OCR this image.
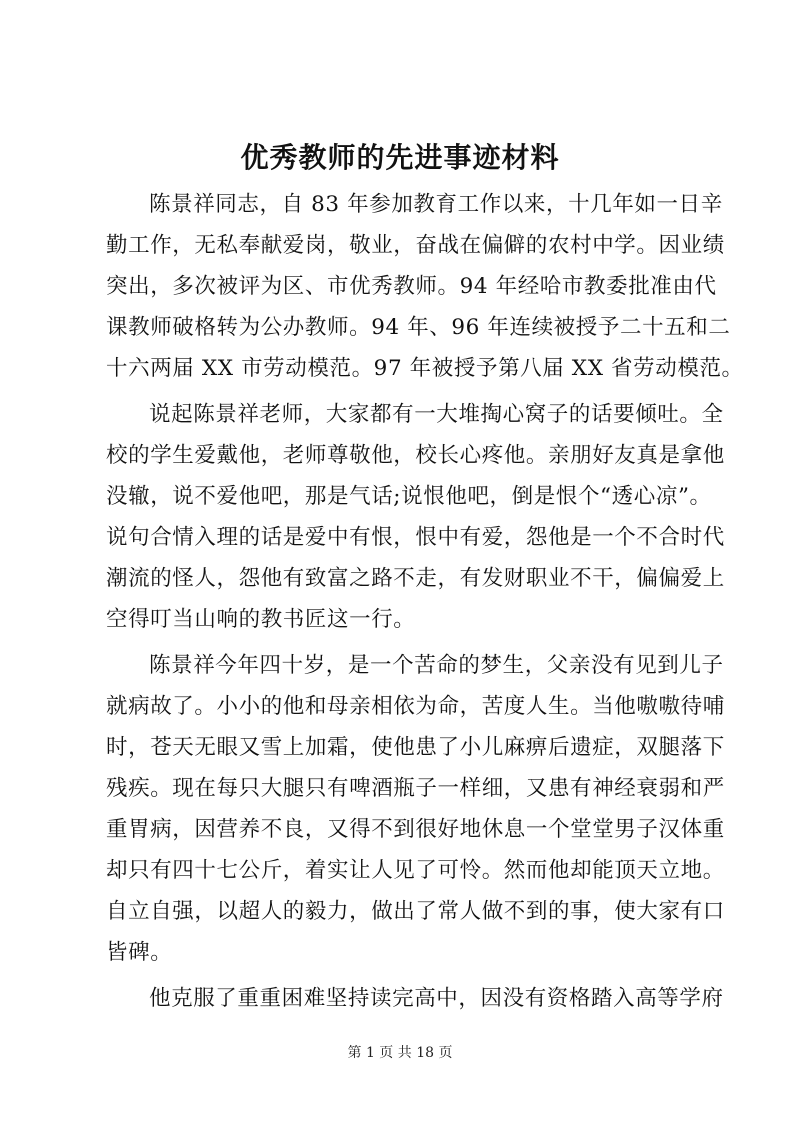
优秀教师的先进事迹材料
陈景祥同志，自 83 年参加教育工作以来，十几年如一日辛
勤工作，无私奉献爱岗，敬业，奋战在偏僻的农村中学。因业绩
突出，多次被评为区、市优秀教师。94 年经哈市教委批准由代
课教师破格转为公办教师。94 年、96 年连续被授予二十五和二
十六两届 XX 市劳动模范。97 年被授予第八届 XX 省劳动模范。
说起陈景祥老师，大家都有一大堆掏心窝子的话要倾吐。全
校的学生爱戴他，老师尊敬他，校长心疼他。亲朋好友真是拿他
没辙，说不爱他吧，那是气话;说恨他吧，倒是恨个“透心凉”。
说句合情入理的话是爱中有恨，恨中有爱，怨他是一个不合时代
潮流的怪人，怨他有致富之路不走，有发财职业不干，偏偏爱上
空得叮当山响的教书匠这一行。
陈景祥今年四十岁，是一个苦命的梦生，父亲没有见到儿子
就病故了。小小的他和母亲相依为命，苦度人生。当他嗷嗷待哺
时，苍天无眼又雪上加霜，使他患了小儿麻痹后遗症，双腿落下
残疾。现在每只大腿只有啤酒瓶子一样细，又患有神经衰弱和严
重胃病，因营养不良，又得不到很好地休息一个堂堂男子汉体重
却只有四十七公斤，着实让人见了可怜。然而他却能顶天立地。
自立自强，以超人的毅力，做出了常人做不到的事，使大家有口
皆碑。
他克服了重重困难坚持读完高中，因没有资格踏入高等学府
第 1 页 共 18 页
